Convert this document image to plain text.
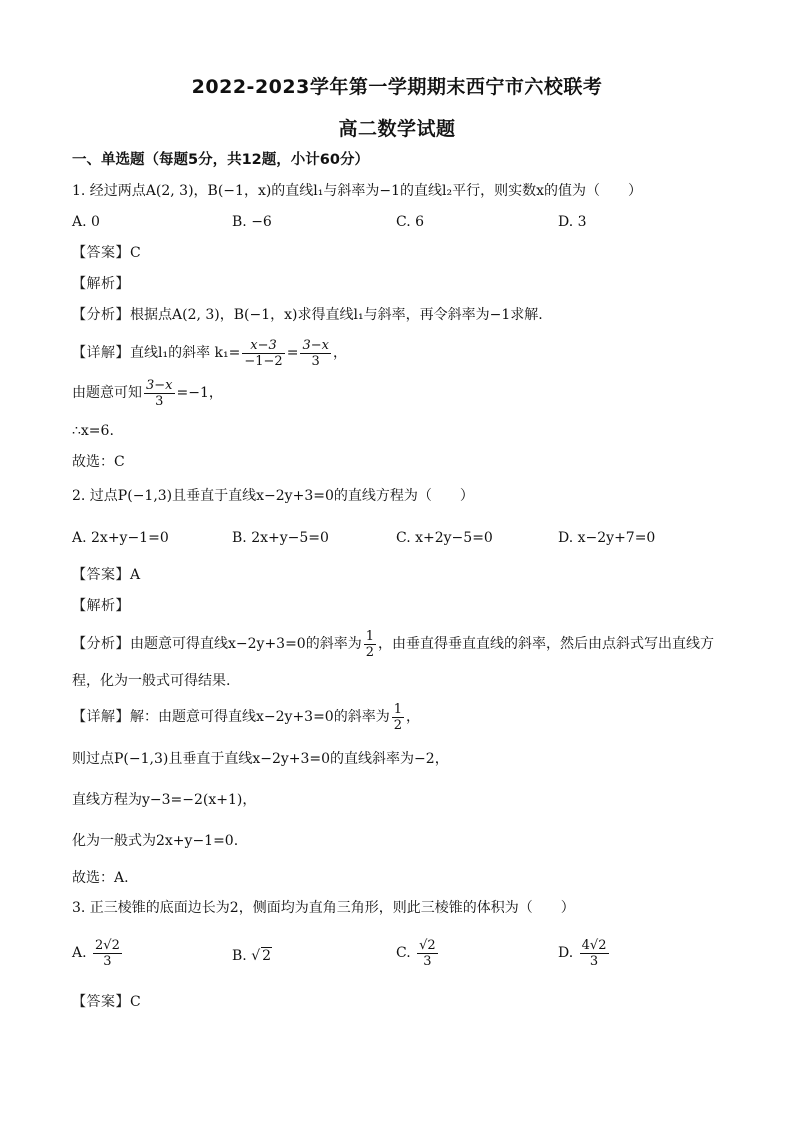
2022-2023学年第一学期期末西宁市六校联考
高二数学试题
一、单选题（每题5分，共12题，小计60分）
1. 经过两点A(2, 3)，B(−1，x)的直线l₁与斜率为−1的直线l₂平行，则实数x的值为（　　）
A. 0	B. −6	C. 6	D. 3
【答案】C
【解析】
【分析】根据点A(2, 3)，B(−1，x)求得直线l₁与斜率，再令斜率为−1求解.
【详解】直线l₁的斜率 $k_1= \frac{x-3}{-1-2} = \frac{3-x}{3}$ ，
由题意可知 $\frac{3-x}{3} =-1$，
∴x=6.
故选：C
2. 过点P(−1,3)且垂直于直线x−2y+3=0的直线方程为（　　）
A. 2x+y−1=0	B. 2x+y−5=0	C. x+2y−5=0	D. x−2y+7=0
【答案】A
【解析】
【分析】由题意可得直线x−2y+3=0的斜率为 $\frac{1}{2}$ ，由垂直得垂直直线的斜率，然后由点斜式写出直线方
程，化为一般式可得结果.
【详解】解：由题意可得直线x−2y+3=0的斜率为 $\frac{1}{2}$ ，
则过点P(−1,3)且垂直于直线x−2y+3=0的直线斜率为−2，
直线方程为y−3=−2(x+1)，
化为一般式为2x+y−1=0.
故选：A.
3. 正三棱锥的底面边长为2，侧面均为直角三角形，则此三棱锥的体积为（　　）
A. $\frac{2√2}{3}$	B. √ 2	C. $\frac{√2}{3}$	D. $\frac{4√2}{3}$
【答案】C
